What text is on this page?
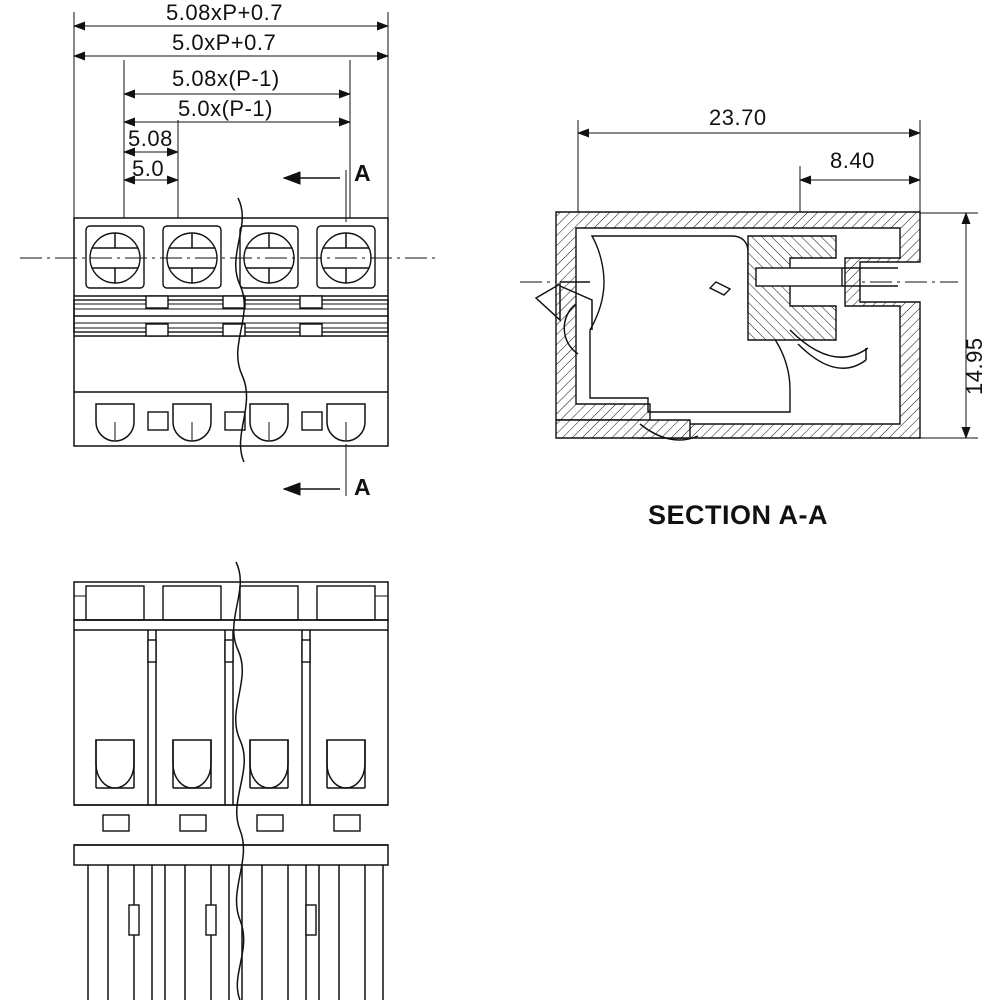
5.08xP+0.7
5.0xP+0.7
5.08x(P-1)
5.0x(P-1)
5.08
5.0	A
A
23.70
8.40
14.95
SECTION A-A
